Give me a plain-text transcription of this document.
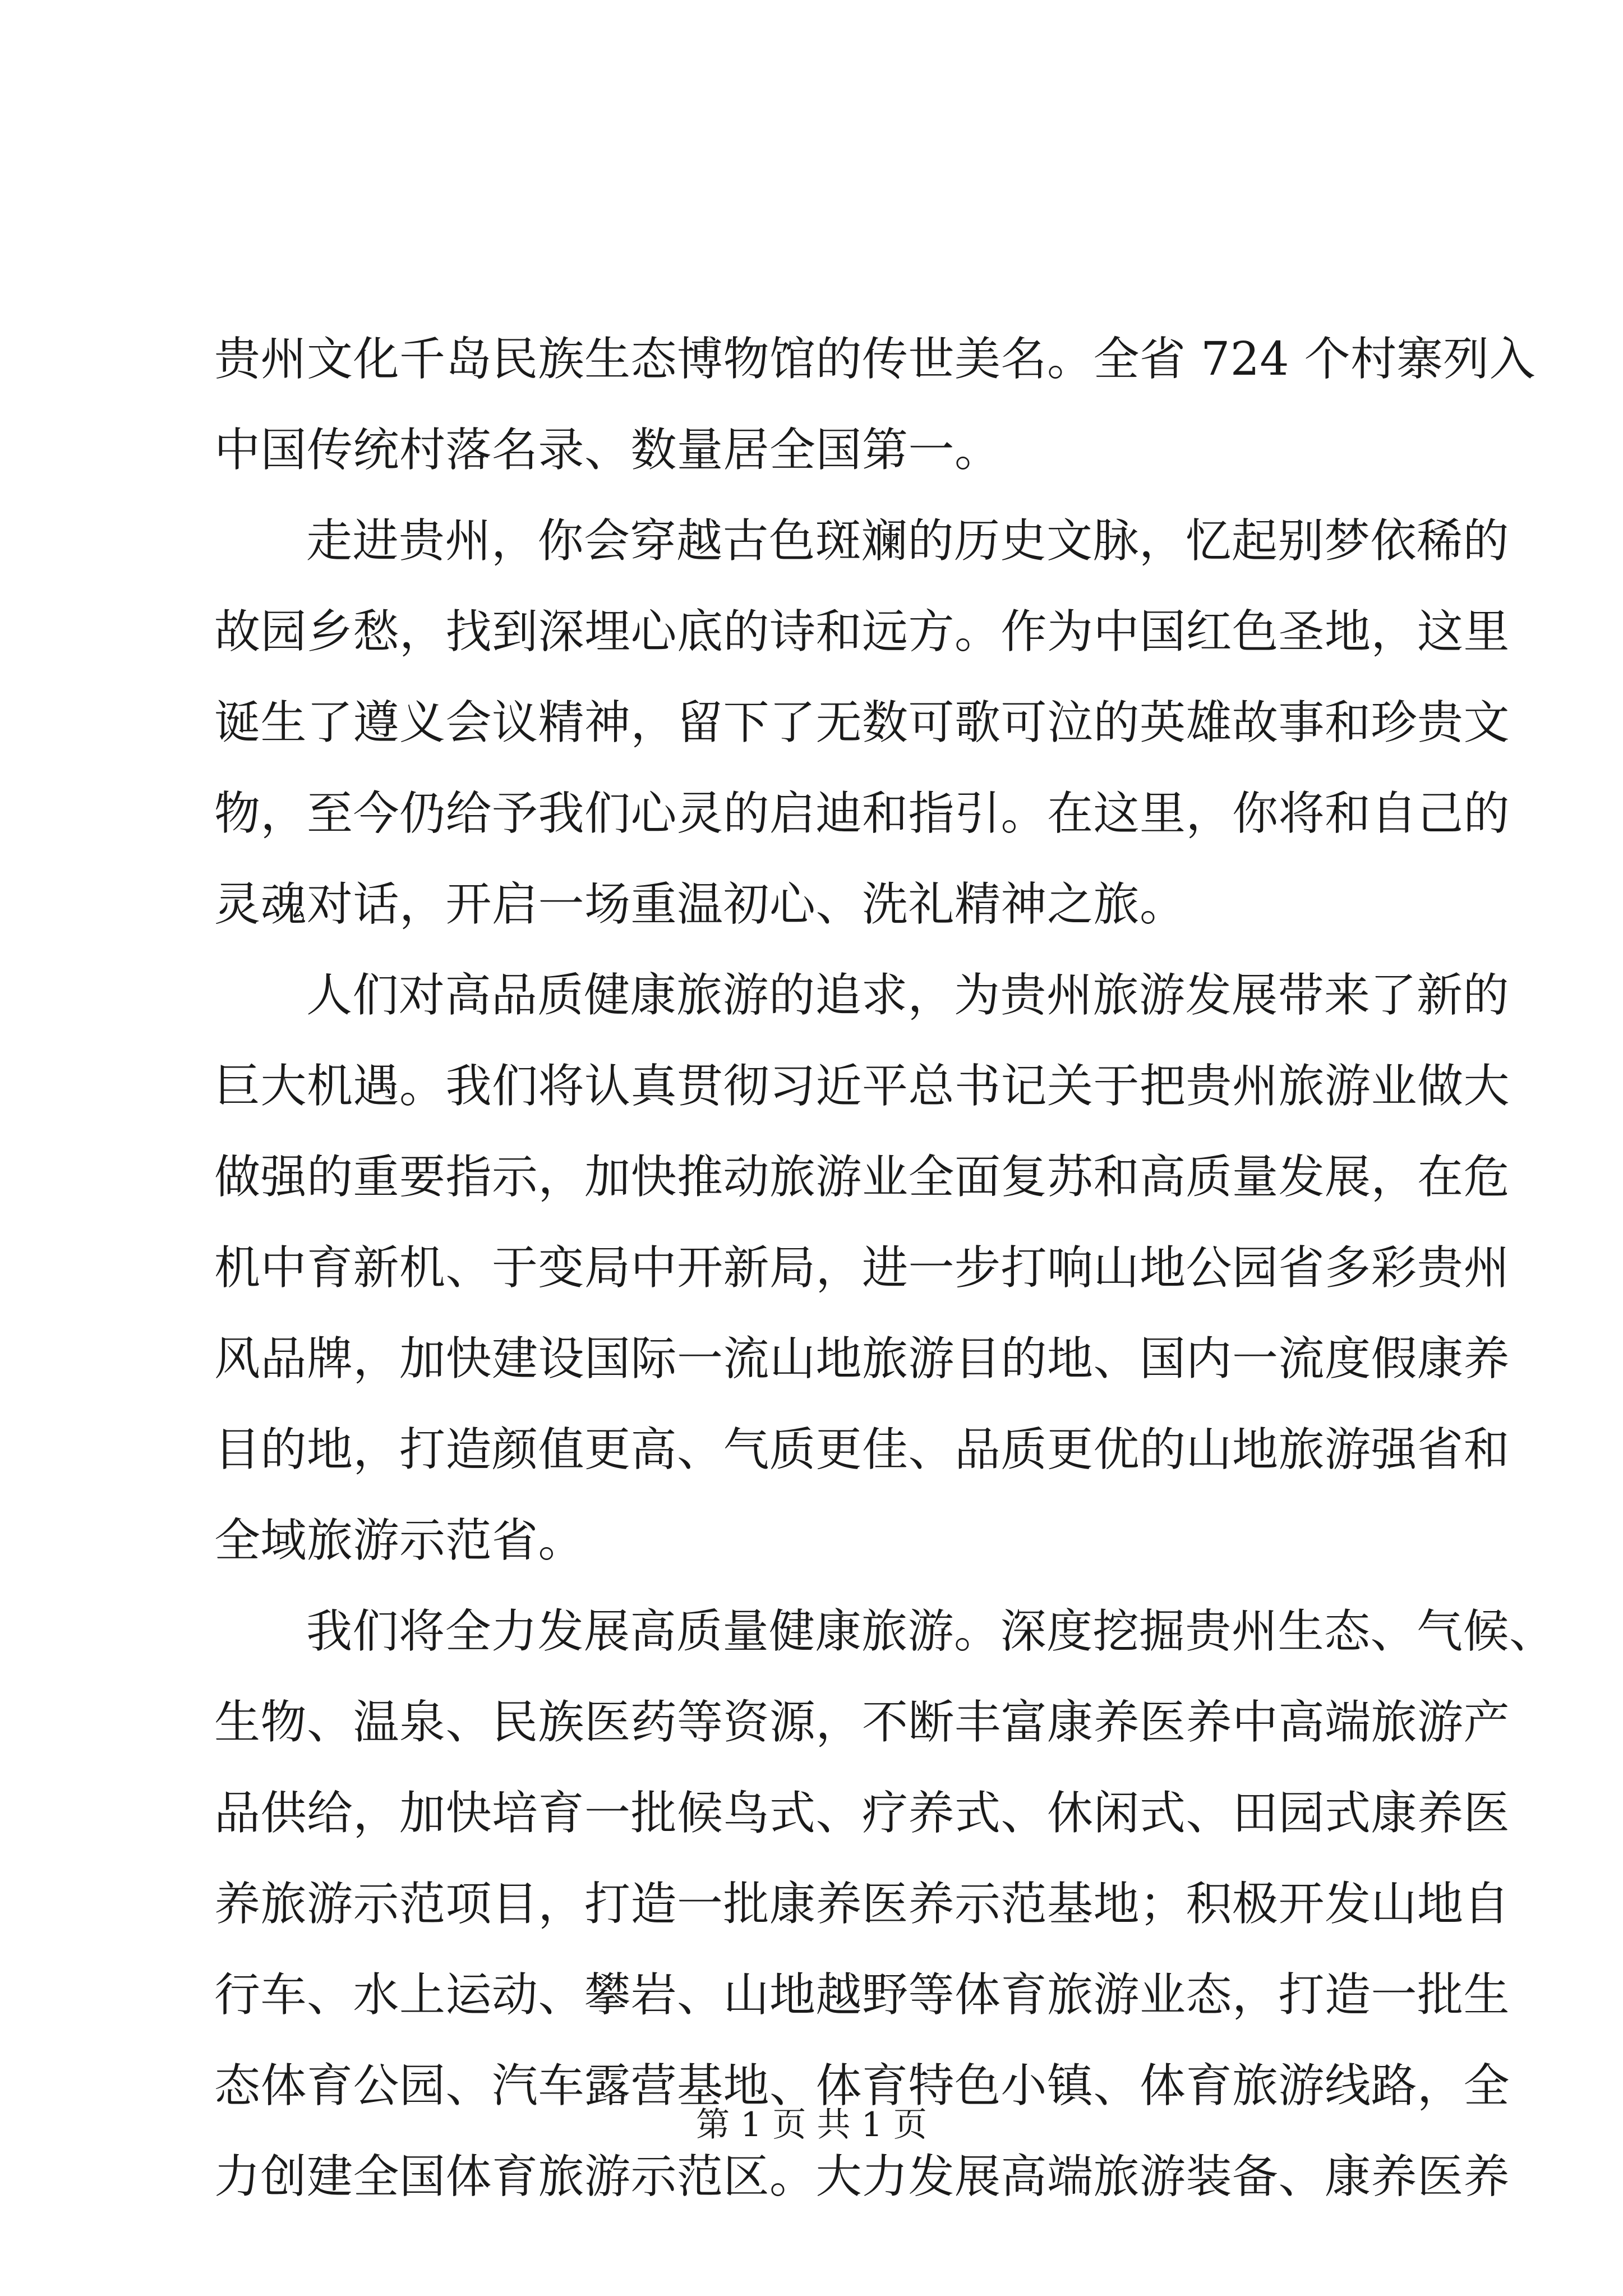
贵州文化千岛民族生态博物馆的传世美名。全省 724 个村寨列入
中国传统村落名录、数量居全国第一。
走进贵州，你会穿越古色斑斓的历史文脉，忆起别梦依稀的
故园乡愁，找到深埋心底的诗和远方。作为中国红色圣地，这里
诞生了遵义会议精神，留下了无数可歌可泣的英雄故事和珍贵文
物，至今仍给予我们心灵的启迪和指引。在这里，你将和自己的
灵魂对话，开启一场重温初心、洗礼精神之旅。
人们对高品质健康旅游的追求，为贵州旅游发展带来了新的
巨大机遇。我们将认真贯彻习近平总书记关于把贵州旅游业做大
做强的重要指示，加快推动旅游业全面复苏和高质量发展，在危
机中育新机、于变局中开新局，进一步打响山地公园省多彩贵州
风品牌，加快建设国际一流山地旅游目的地、国内一流度假康养
目的地，打造颜值更高、气质更佳、品质更优的山地旅游强省和
全域旅游示范省。
我们将全力发展高质量健康旅游。深度挖掘贵州生态、气候、
生物、温泉、民族医药等资源，不断丰富康养医养中高端旅游产
品供给，加快培育一批候鸟式、疗养式、休闲式、田园式康养医
养旅游示范项目，打造一批康养医养示范基地；积极开发山地自
行车、水上运动、攀岩、山地越野等体育旅游业态，打造一批生
态体育公园、汽车露营基地、体育特色小镇、体育旅游线路，全
力创建全国体育旅游示范区。大力发展高端旅游装备、康养医养
第 1 页 共 1 页
